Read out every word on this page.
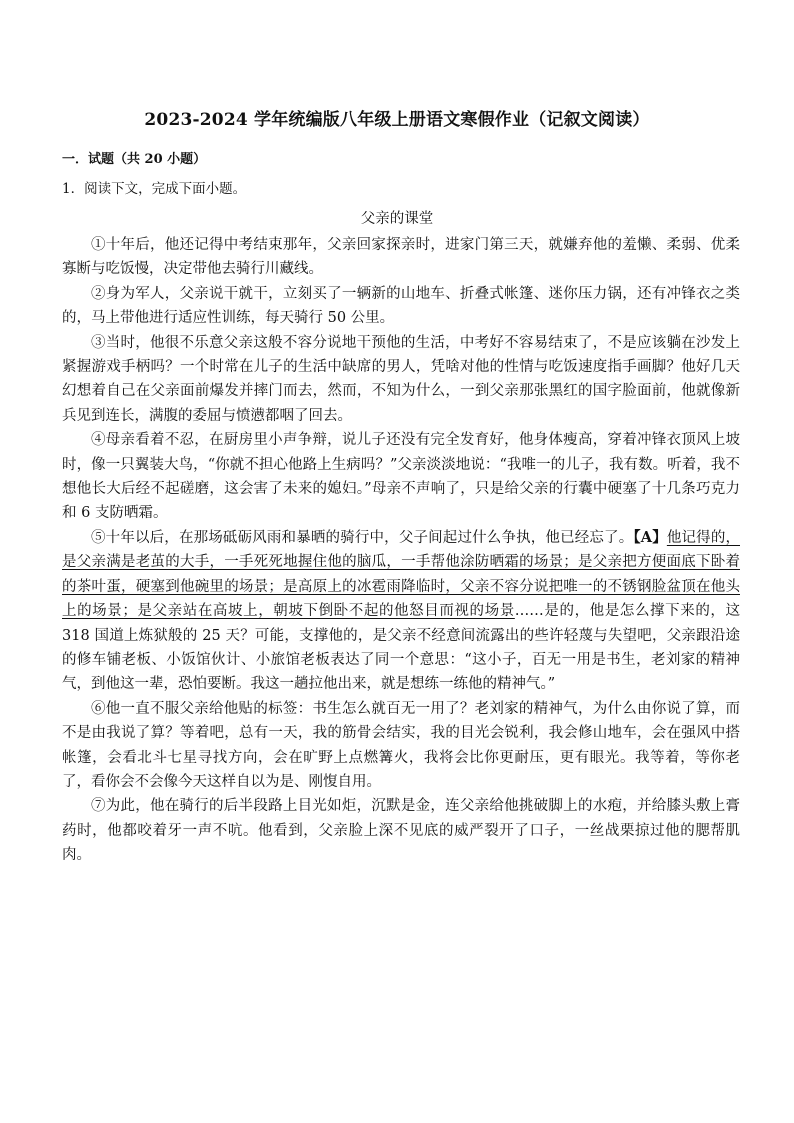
2023-2024 学年统编版八年级上册语文寒假作业（记叙文阅读）
一．试题（共 20 小题）
1．阅读下文，完成下面小题。
父亲的课堂

①十年后，他还记得中考结束那年，父亲回家探亲时，进家门第三天，就嫌弃他的羞懒、柔弱、优柔寡断与吃饭慢，决定带他去骑行川藏线。

②身为军人，父亲说干就干，立刻买了一辆新的山地车、折叠式帐篷、迷你压力锅，还有冲锋衣之类的，马上带他进行适应性训练，每天骑行 50 公里。

③当时，他很不乐意父亲这般不容分说地干预他的生活，中考好不容易结束了，不是应该躺在沙发上紧握游戏手柄吗？一个时常在儿子的生活中缺席的男人，凭啥对他的性情与吃饭速度指手画脚？他好几天幻想着自己在父亲面前爆发并摔门而去，然而，不知为什么，一到父亲那张黑红的国字脸面前，他就像新兵见到连长，满腹的委屈与愤懑都咽了回去。

④母亲看着不忍，在厨房里小声争辩，说儿子还没有完全发育好，他身体瘦高，穿着冲锋衣顶风上坡时，像一只翼装大鸟，“你就不担心他路上生病吗？”父亲淡淡地说：“我唯一的儿子，我有数。听着，我不想他长大后经不起磋磨，这会害了未来的媳妇。”母亲不声响了，只是给父亲的行囊中硬塞了十几条巧克力和 6 支防晒霜。

⑤十年以后，在那场砥砺风雨和暴晒的骑行中，父子间起过什么争执，他已经忘了。【A】他记得的，是父亲满是老茧的大手，一手死死地握住他的脑瓜，一手帮他涂防晒霜的场景；是父亲把方便面底下卧着的茶叶蛋，硬塞到他碗里的场景；是高原上的冰雹雨降临时，父亲不容分说把唯一的不锈钢脸盆顶在他头上的场景；是父亲站在高坡上，朝坡下倒卧不起的他怒目而视的场景……是的，他是怎么撑下来的，这 318 国道上炼狱般的 25 天？可能，支撑他的，是父亲不经意间流露出的些许轻蔑与失望吧，父亲跟沿途的修车铺老板、小饭馆伙计、小旅馆老板表达了同一个意思：“这小子，百无一用是书生，老刘家的精神气，到他这一辈，恐怕要断。我这一趟拉他出来，就是想练一练他的精神气。”

⑥他一直不服父亲给他贴的标签：书生怎么就百无一用了？老刘家的精神气，为什么由你说了算，而不是由我说了算？等着吧，总有一天，我的筋骨会结实，我的目光会锐利，我会修山地车，会在强风中搭帐篷，会看北斗七星寻找方向，会在旷野上点燃篝火，我将会比你更耐压，更有眼光。我等着，等你老了，看你会不会像今天这样自以为是、刚愎自用。

⑦为此，他在骑行的后半段路上目光如炬，沉默是金，连父亲给他挑破脚上的水疱，并给膝头敷上膏药时，他都咬着牙一声不吭。他看到，父亲脸上深不见底的威严裂开了口子，一丝战栗掠过他的腮帮肌肉。
